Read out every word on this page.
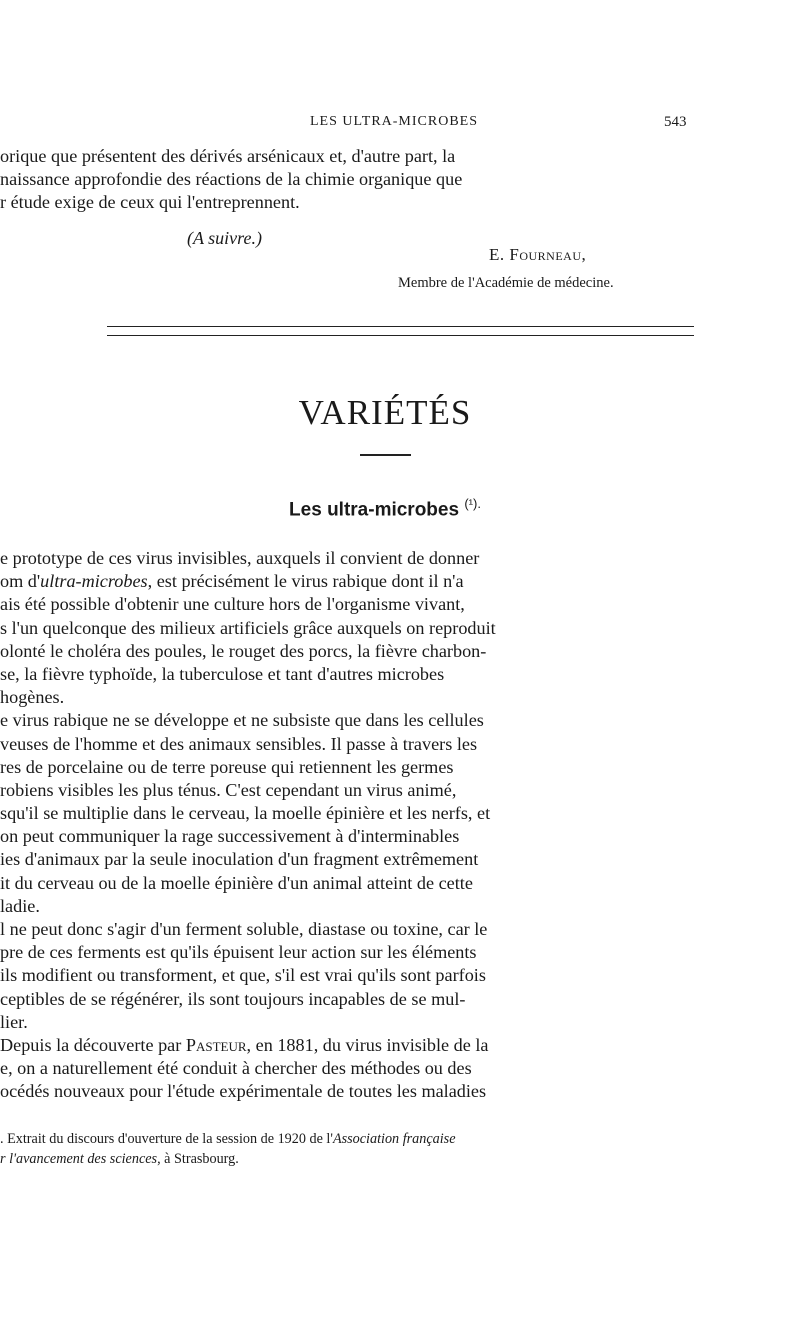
LES ULTRA-MICROBES	543
orique que présentent des dérivés arsénicaux et, d'autre part, la
naissance approfondie des réactions de la chimie organique que
r étude exige de ceux qui l'entreprennent.
(A suivre.)
E. Fourneau,
Membre de l'Académie de médecine.
VARIÉTÉS
Les ultra-microbes $^{(^1).}$
e prototype de ces virus invisibles, auxquels il convient de donner
om d'ultra-microbes, est précisément le virus rabique dont il n'a
ais été possible d'obtenir une culture hors de l'organisme vivant,
s l'un quelconque des milieux artificiels grâce auxquels on reproduit
olonté le choléra des poules, le rouget des porcs, la fièvre charbon-
se, la fièvre typhoïde, la tuberculose et tant d'autres microbes
hogènes.
e virus rabique ne se développe et ne subsiste que dans les cellules
veuses de l'homme et des animaux sensibles. Il passe à travers les
res de porcelaine ou de terre poreuse qui retiennent les germes
robiens visibles les plus ténus. C'est cependant un virus animé,
squ'il se multiplie dans le cerveau, la moelle épinière et les nerfs, et
on peut communiquer la rage successivement à d'interminables
ies d'animaux par la seule inoculation d'un fragment extrêmement
it du cerveau ou de la moelle épinière d'un animal atteint de cette
ladie.
l ne peut donc s'agir d'un ferment soluble, diastase ou toxine, car le
pre de ces ferments est qu'ils épuisent leur action sur les éléments
ils modifient ou transforment, et que, s'il est vrai qu'ils sont parfois
ceptibles de se régénérer, ils sont toujours incapables de se mul-
lier.
Depuis la découverte par Pasteur, en 1881, du virus invisible de la
e, on a naturellement été conduit à chercher des méthodes ou des
océdés nouveaux pour l'étude expérimentale de toutes les maladies
. Extrait du discours d'ouverture de la session de 1920 de l'Association française
r l'avancement des sciences, à Strasbourg.
